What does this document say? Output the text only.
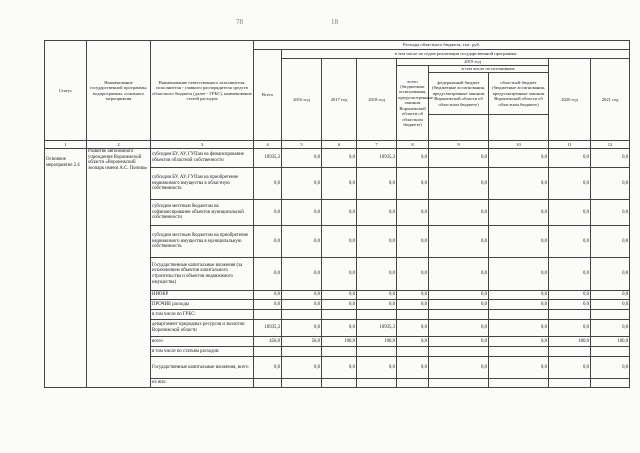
78	18
Статус	Наименование государственной программы, подпрограммы, основного мероприятия	Наименование ответственного исполнителя, исполнителя - главного распорядителя средств областного бюджета (далее - ГРБС), наименование статей расходов	Расходы областного бюджета, тыс. руб.								
			Всего	в том числе по годам реализации государственной программы							
				2016 год	2017 год	2018 год	2019 год			2020 год	2021 год
							всего (бюджетные ассигнования, предусмотренные законом Воронежской области об областном бюджете)	в том числе по источникам:			
								федеральный бюджет (бюджетные ассигнования, предусмотренные законом Воронежской области об областном бюджете)	областной бюджет (бюджетные ассигнования, предусмотренные законом Воронежской области об областном бюджете)		

1	2	3	4	5	6	7	8	9	10	11	12
Основное мероприятие 2.4	Развитие автономного учреждения Воронежской области «Воронежский зоопарк имени А.С. Попова»	субсидии БУ, АУ, ГУПам на финансирование объектов областной собственности	10935,3	0,0	0,0	10935,3	0,0	0,0	0,0	0,0	0,0
		субсидии БУ, АУ, ГУПам на приобретение недвижимого имущества в областную собственность	0,0	0,0	0,0	0,0	0,0	0,0	0,0	0,0	0,0
		субсидии местным бюджетам на софинансирование объектов муниципальной собственности	0,0	0,0	0,0	0,0	0,0	0,0	0,0	0,0	0,0
		субсидии местным бюджетам на приобретение недвижимого имущества в муниципальную собственность	0,0	0,0	0,0	0,0	0,0	0,0	0,0	0,0	0,0
		Государственные капитальные вложения (за исключением объектов капитального строительства и объектов недвижимого имущества)	0,0	0,0	0,0	0,0	0,0	0,0	0,0	0,0	0,0
		НИОКР	0,0	0,0	0,0	0,0	0,0	0,0	0,0	0,0	0,0
		ПРОЧИЕ расходы	0,0	0,0	0,0	0,0	0,0	0,0	0,0	0,0	0,0
		в том числе по ГРБС:									
		департамент природных ресурсов и экологии Воронежской области	10935,3	0,0	0,0	10935,3	0,0	0,0	0,0	0,0	0,0
		всего	450,0	50,0	100,0	100,0	0,0	0,0	0,0	100,0	100,0
		в том числе по статьям расходов:									
		Государственные капитальные вложения, всего	0,0	0,0	0,0	0,0	0,0	0,0	0,0	0,0	0,0
		из них:									
